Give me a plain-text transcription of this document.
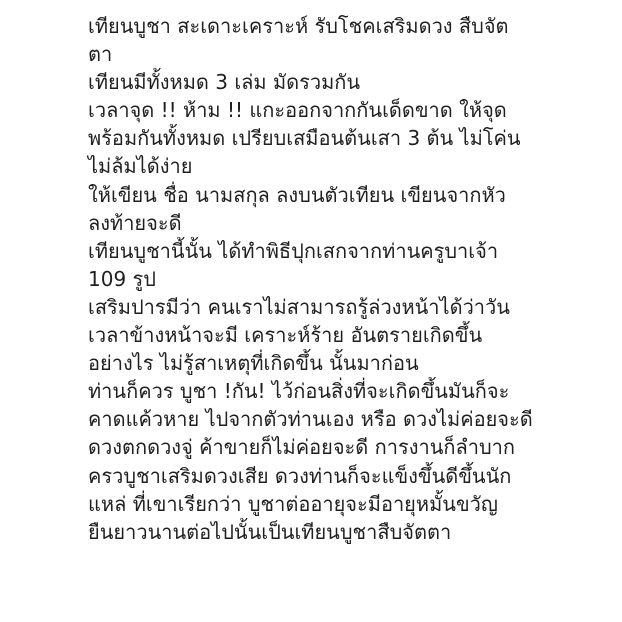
เทียนบูชา สะเดาะเคราะห์ รับโชคเสริมดวง สืบจัต
ตา
เทียนมีทั้งหมด 3 เล่ม มัดรวมกัน
เวลาจุด !! ห้าม !! แกะออกจากกันเด็ดขาด ให้จุด
พร้อมกันทั้งหมด เปรียบเสมือนต้นเสา 3 ต้น ไม่โค่น
ไม่ล้มได้ง่าย
ให้เขียน ชื่อ นามสกุล ลงบนตัวเทียน เขียนจากหัว
ลงท้ายจะดี
เทียนบูชานี้นั้น ได้ทำพิธีปุกเสกจากท่านครูบาเจ้า
109 รูป
เสริมปารมีว่า คนเราไม่สามารถรู้ล่วงหน้าได้ว่าวัน
เวลาข้างหน้าจะมี เคราะห์ร้าย อันตรายเกิดขึ้น
อย่างไร ไม่รู้สาเหตุที่เกิดขึ้น นั้นมาก่อน
ท่านก็ควร บูชา !กัน! ไว้ก่อนสิ่งที่จะเกิดขึ้นมันก็จะ
คาดแค้วหาย ไปจากตัวท่านเอง หรือ ดวงไม่ค่อยจะดี
ดวงตกดวงจู่ ค้าขายก็ไม่ค่อยจะดี การงานก็ลำบาก
ครวบูชาเสริมดวงเสีย ดวงท่านก็จะแข็งขึ้นดีขึ้นนัก
แหล่ ที่เขาเรียกว่า บูชาต่ออายุจะมีอายุหมั้นขวัญ
ยืนยาวนานต่อไปนั้นเป็นเทียนบูชาสืบจัตตา
